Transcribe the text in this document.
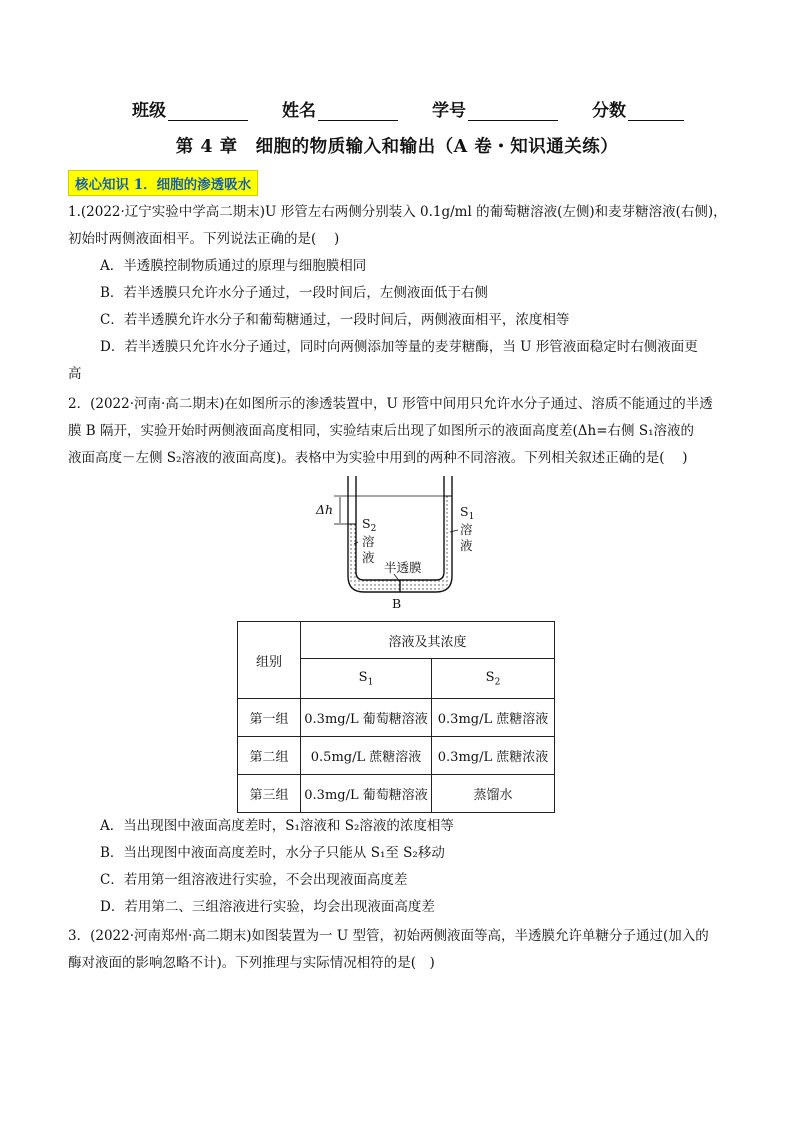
班级	姓名	学号	分数
第 4 章　细胞的物质输入和输出（A 卷・知识通关练）
核心知识 1．细胞的渗透吸水

1.(2022·辽宁实验中学高二期末)U 形管左右两侧分别装入 0.1g/ml 的葡萄糖溶液(左侧)和麦芽糖溶液(右侧)，

初始时两侧液面相平。下列说法正确的是(　 )

A．半透膜控制物质通过的原理与细胞膜相同

B．若半透膜只允许水分子通过，一段时间后，左侧液面低于右侧

C．若半透膜允许水分子和葡萄糖通过，一段时间后，两侧液面相平，浓度相等

D．若半透膜只允许水分子通过，同时向两侧添加等量的麦芽糖酶，当 U 形管液面稳定时右侧液面更

高

2．(2022·河南·高二期末)在如图所示的渗透装置中，U 形管中间用只允许水分子通过、溶质不能通过的半透

膜 B 隔开，实验开始时两侧液面高度相同，实验结束后出现了如图所示的液面高度差(Δh=右侧 S₁溶液的

液面高度－左侧 S₂溶液的液面高度)。表格中为实验中用到的两种不同溶液。下列相关叙述正确的是(　 )

Δh
$S_2$
溶
液
$S_1$
溶
液
半透膜
B
组别	溶液及其浓度	
	$S_1$	$S_2$
第一组	0.3mg/L 葡萄糖溶液	0.3mg/L 蔗糖溶液
第二组	0.5mg/L 蔗糖溶液	0.3mg/L 蔗糖浓液
第三组	0.3mg/L 葡萄糖溶液	蒸馏水

A．当出现图中液面高度差时，S₁溶液和 S₂溶液的浓度相等

B．当出现图中液面高度差时，水分子只能从 S₁至 S₂移动

C．若用第一组溶液进行实验，不会出现液面高度差

D．若用第二、三组溶液进行实验，均会出现液面高度差

3．(2022·河南郑州·高二期末)如图装置为一 U 型管，初始两侧液面等高，半透膜允许单糖分子通过(加入的

酶对液面的影响忽略不计)。下列推理与实际情况相符的是(　)
